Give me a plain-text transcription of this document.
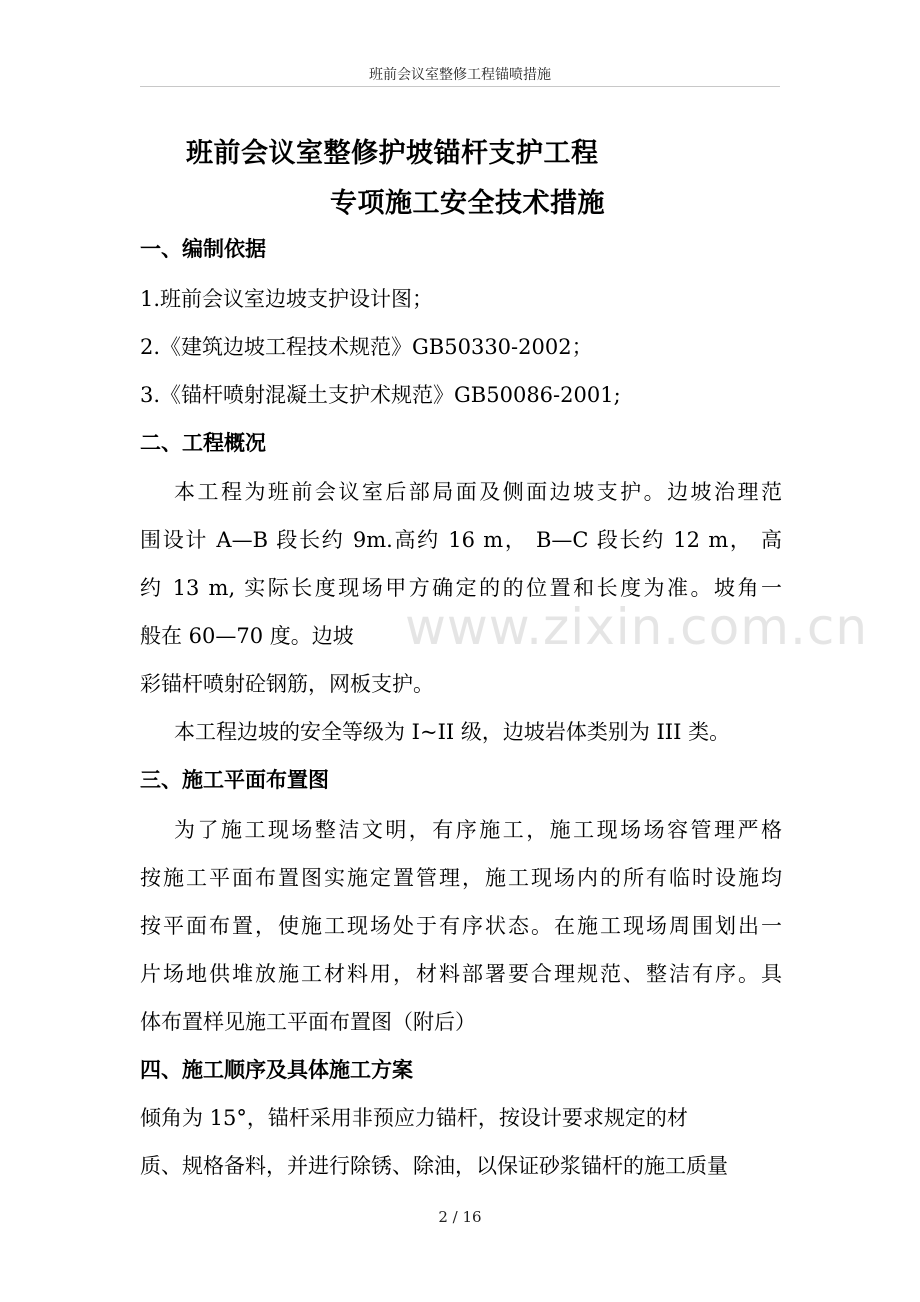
班前会议室整修工程锚喷措施
班前会议室整修护坡锚杆支护工程
专项施工安全技术措施
一、编制依据
1.班前会议室边坡支护设计图；
2.《建筑边坡工程技术规范》GB50330-2002；
3.《锚杆喷射混凝土支护术规范》GB50086-2001;
二、工程概况
本工程为班前会议室后部局面及侧面边坡支护。边坡治理范
围设计 A—B 段长约 9m.高约 16 m， B—C 段长约 12 m， 高
约 13 m, 实际长度现场甲方确定的的位置和长度为准。坡角一
般在 60—70 度。边坡
彩锚杆喷射砼钢筋，网板支护。
本工程边坡的安全等级为 I~II 级，边坡岩体类别为 III 类。
三、施工平面布置图
为了施工现场整洁文明，有序施工，施工现场场容管理严格
按施工平面布置图实施定置管理，施工现场内的所有临时设施均
按平面布置，使施工现场处于有序状态。在施工现场周围划出一
片场地供堆放施工材料用，材料部署要合理规范、整洁有序。具
体布置样见施工平面布置图（附后）
四、施工顺序及具体施工方案
倾角为 15°，锚杆采用非预应力锚杆，按设计要求规定的材
质、规格备料，并进行除锈、除油，以保证砂浆锚杆的施工质量
www.zixin.com.cn
2 / 16
